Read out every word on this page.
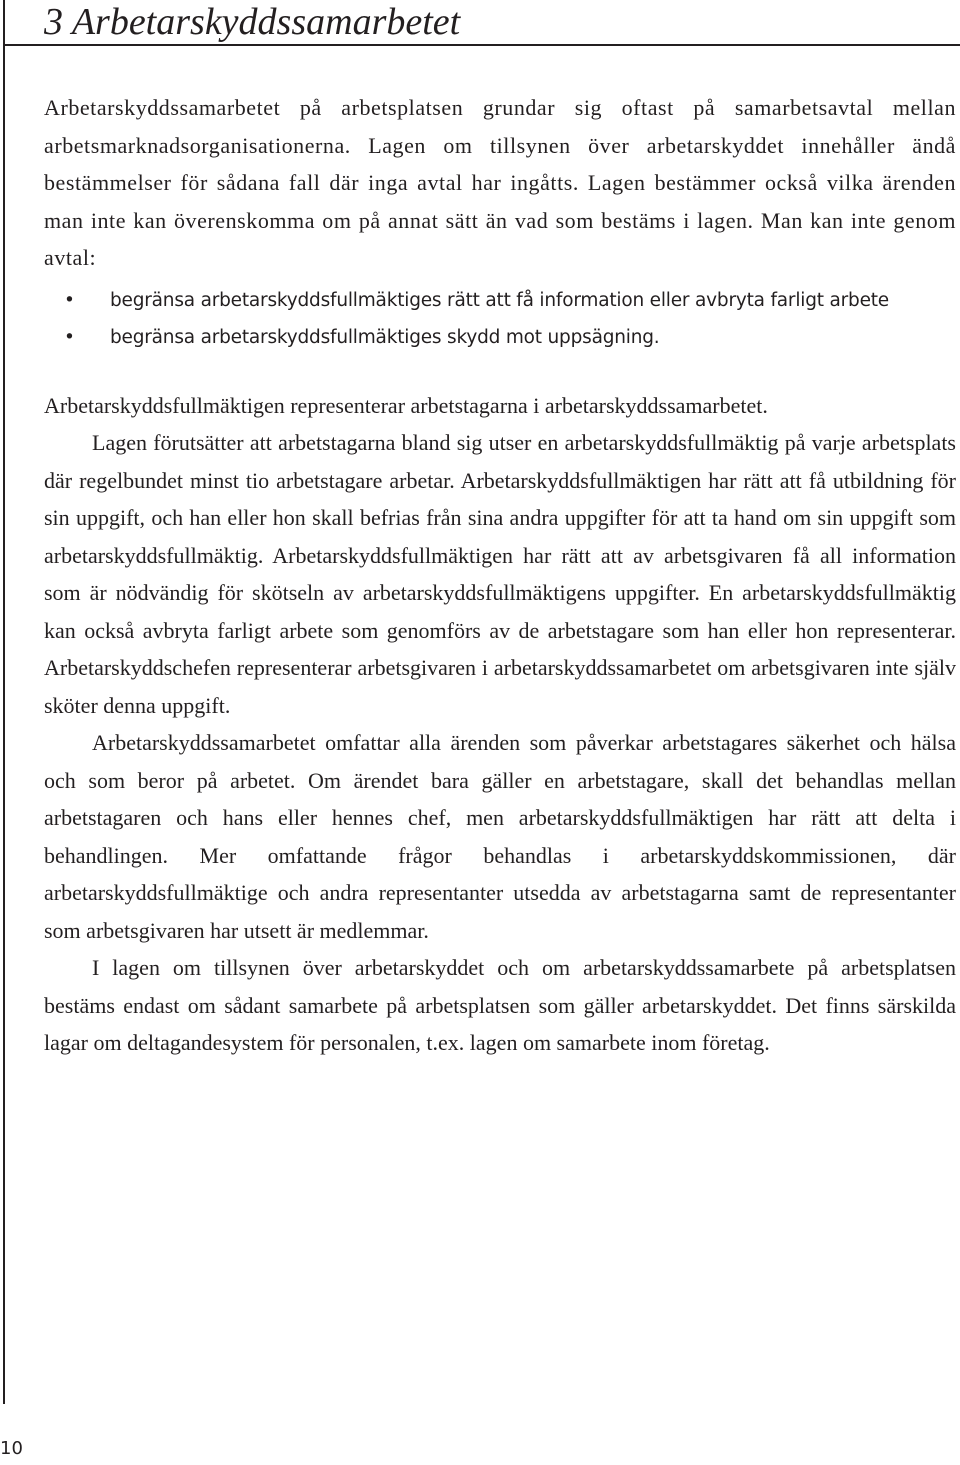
3 Arbetarskyddssamarbetet

Arbetarskyddssamarbetet på arbetsplatsen grundar sig oftast på samarbetsavtal mellan arbetsmarknadsorganisationerna. Lagen om tillsynen över arbetarskyddet innehåller ändå bestämmelser för sådana fall där inga avtal har ingåtts. Lagen bestämmer också vilka ärenden man inte kan överenskomma om på annat sätt än vad som bestäms i lagen. Man kan inte genom avtal:

• begränsa arbetarskyddsfullmäktiges rätt att få information eller avbryta farligt arbete
• begränsa arbetarskyddsfullmäktiges skydd mot uppsägning.

Arbetarskyddsfullmäktigen representerar arbetstagarna i arbetarskyddssamarbetet.

Lagen förutsätter att arbetstagarna bland sig utser en arbetarskyddsfullmäktig på varje arbetsplats där regelbundet minst tio arbetstagare arbetar. Arbetarskyddsfullmäktigen har rätt att få utbildning för sin uppgift, och han eller hon skall befrias från sina andra uppgifter för att ta hand om sin uppgift som arbetarskyddsfullmäktig. Arbetarskyddsfullmäktigen har rätt att av arbetsgivaren få all information som är nödvändig för skötseln av arbetarskyddsfullmäktigens uppgifter. En arbetarskyddsfullmäktig kan också avbryta farligt arbete som genomförs av de arbetstagare som han eller hon representerar. Arbetarskyddschefen representerar arbetsgivaren i arbetarskyddssamarbetet om arbetsgivaren inte själv sköter denna uppgift.

Arbetarskyddssamarbetet omfattar alla ärenden som påverkar arbetstagares säkerhet och hälsa och som beror på arbetet. Om ärendet bara gäller en arbetstagare, skall det behandlas mellan arbetstagaren och hans eller hennes chef, men arbetarskyddsfullmäktigen har rätt att delta i behandlingen. Mer omfattande frågor behandlas i arbetarskyddskommissionen, där arbetarskyddsfullmäktige och andra representanter utsedda av arbetstagarna samt de representanter som arbetsgivaren har utsett är medlemmar.

I lagen om tillsynen över arbetarskyddet och om arbetarskyddssamarbete på arbetsplatsen bestäms endast om sådant samarbete på arbetsplatsen som gäller arbetarskyddet. Det finns särskilda lagar om deltagandesystem för personalen, t.ex. lagen om samarbete inom företag.

10
